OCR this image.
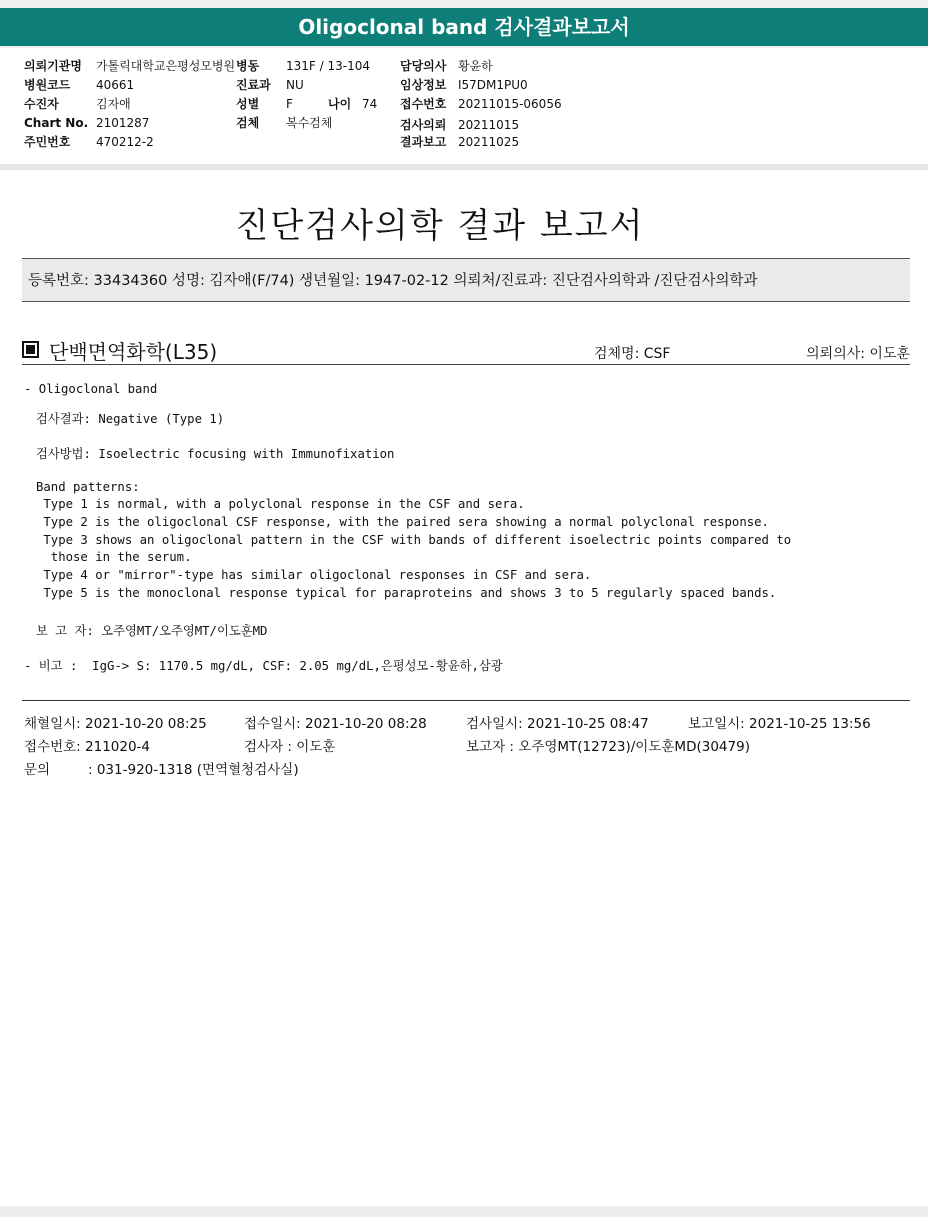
Oligoclonal band 검사결과보고서
의뢰기관명 가톨릭대학교은평성모병원
병원코드 40661
수진자	김자애
Chart No. 2101287
주민번호 470212-2
병동 131F / 13-104
진료과 NU
성별 F	나이 74
검체 복수검체
담당의사 황윤하
임상정보 I57DM1PU0
접수번호 20211015-06056
검사의뢰 20211015
결과보고 20211025
진단검사의학 결과 보고서
등록번호: 33434360 성명: 김자애(F/74) 생년월일: 1947-02-12 의뢰처/진료과: 진단검사의학과 /진단검사의학과
단백면역화학(L35)	검체명: CSF	의뢰의사: 이도훈
- Oligoclonal band
검사결과: Negative (Type 1)
검사방법: Isoelectric focusing with Immunofixation
Band patterns:
Type 1 is normal, with a polyclonal response in the CSF and sera.
Type 2 is the oligoclonal CSF response, with the paired sera showing a normal polyclonal response.
Type 3 shows an oligoclonal pattern in the CSF with bands of different isoelectric points compared to
those in the serum.
Type 4 or "mirror"-type has similar oligoclonal responses in CSF and sera.
Type 5 is the monoclonal response typical for paraproteins and shows 3 to 5 regularly spaced bands.
보 고 자: 오주영MT/오주영MT/이도훈MD
- 비고 :  IgG-> S: 1170.5 mg/dL, CSF: 2.05 mg/dL,은평성모-황윤하,삼광
채혈일시: 2021-10-20 08:25	접수일시: 2021-10-20 08:28	검사일시: 2021-10-25 08:47	보고일시: 2021-10-25 13:56
접수번호: 211020-4	검사자 : 이도훈	보고자 : 오주영MT(12723)/이도훈MD(30479)
문의	: 031-920-1318 (면역혈청검사실)
